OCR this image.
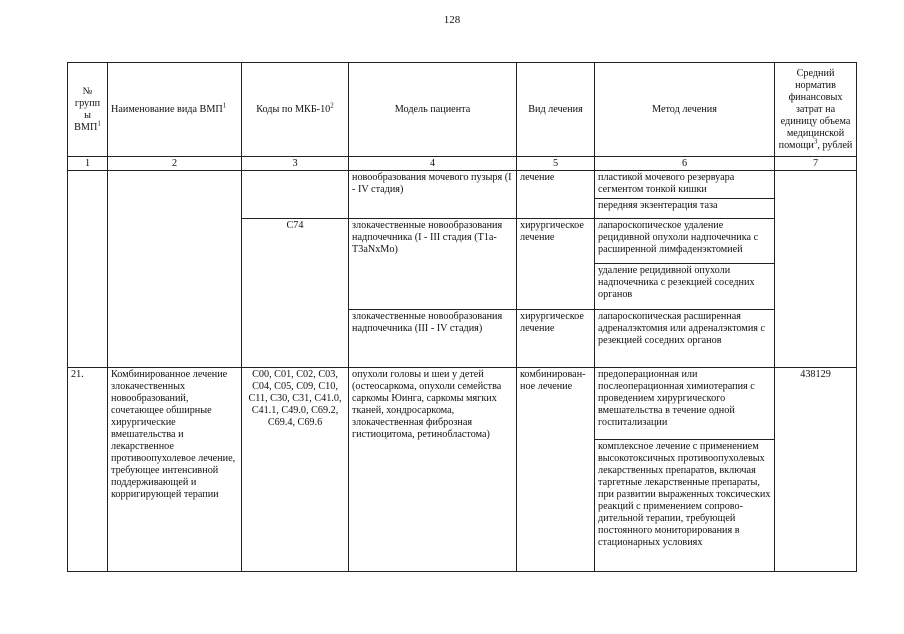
128
№ групп ы ВМП$^1$	Наименование вида ВМП$^1$	Коды по МКБ-$10^2$	Модель пациента	Вид лечения	Метод лечения	Средний норматив финансовых затрат на единицу объема медицинской помощи$^3$, рублей
1	2	3	4	5	6	7
			новообразования мочевого пузыря (I - IV стадия)	лечение	пластикой мочевого резервуара сегментом тонкой кишки	
					передняя экзентерация таза	
		C74	злокачественные новообразования надпочечника (I - III стадия (T1a-T3aNxMo)	хирургическое лечение	лапароскопическое удаление рецидивной опухоли надпочечника с расширенной лимфаденэктомией	
					удаление рецидивной опухоли надпочечника с резекцией соседних органов	
			злокачественные новообразования надпочечника (III - IV стадия)	хирургическое лечение	лапароскопическая расширенная адреналэктомия или адреналэктомия с резекцией соседних органов	
21.	Комбинированное лечение злокачественных новообразований, сочетающее обширные хирургические вмешательства и лекарственное противоопухолевое лечение, требующее интенсивной поддерживающей и корригирующей терапии	C00, C01, C02, C03, C04, C05, C09, C10, C11, C30, C31, C41.0, C41.1, C49.0, C69.2, C69.4, C69.6	опухоли головы и шеи у детей (остеосаркома, опухоли семейства саркомы Юинга, саркомы мягких тканей, хондросаркома, злокачественная фиброзная гистиоцитома, ретинобластома)	комбинирован- ное лечение	предоперационная или послеоперационная химиотерапия с проведением хирургического вмешательства в течение одной госпитализации	438129
					комплексное лечение с применением высокотоксичных противоопухолевых лекарственных препаратов, включая таргетные лекарственные препараты, при развитии выраженных токсических реакций с применением сопрово- дительной терапии, требующей постоянного мониторирования в стационарных условиях	
